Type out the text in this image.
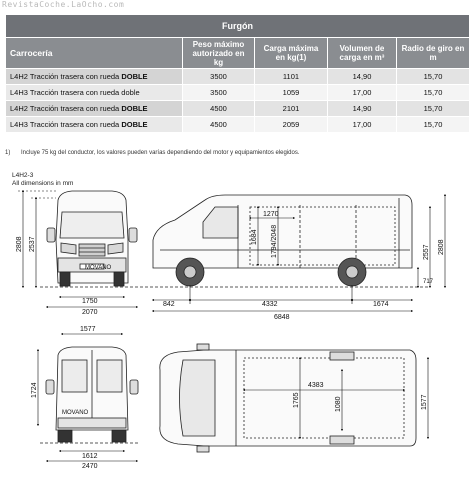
RevistaCoche.LaOcho.com
Furgón				
Carrocería	Peso máximo autorizado en kg	Carga máxima en kg(1)	Volumen de carga en m³	Radio de giro en m
L4H2 Tracción trasera con rueda DOBLE	3500	1101	14,90	15,70
L4H3 Tracción trasera con rueda doble	3500	1059	17,00	15,70
L4H2 Tracción trasera con rueda DOBLE	4500	2101	14,90	15,70
L4H3 Tracción trasera con rueda DOBLE	4500	2059	17,00	15,70
1) Incluye 75 kg del conductor, los valores pueden varías dependiendo del motor y equipamientos elegidos.
L4H2-3
All dimensions in mm
MOVANO
2808 2537
1750
2070
1270
1684 1794/2048	2557 2808
717
842	4332	1674
6848
MOVANO
1577
1724
1612
2470
4383
1765	1080	1577
